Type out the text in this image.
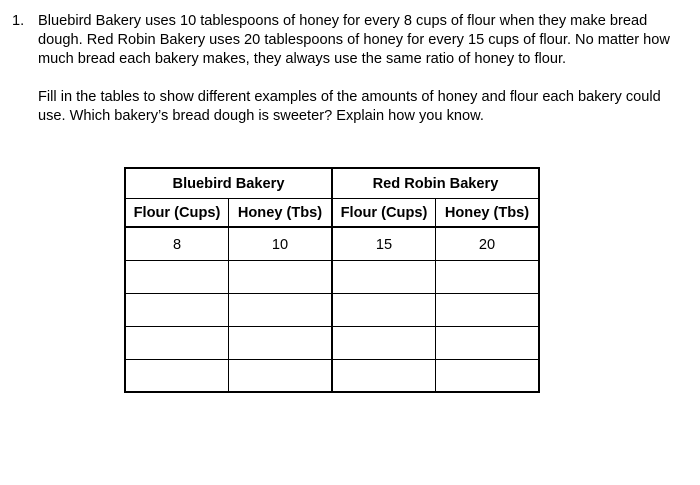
1. Bluebird Bakery uses 10 tablespoons of honey for every 8 cups of flour when they make bread dough. Red Robin Bakery uses 20 tablespoons of honey for every 15 cups of flour. No matter how much bread each bakery makes, they always use the same ratio of honey to flour.

Fill in the tables to show different examples of the amounts of honey and flour each bakery could use. Which bakery’s bread dough is sweeter? Explain how you know.

Bluebird Bakery		Red Robin Bakery	
Flour (Cups)	Honey (Tbs)	Flour (Cups)	Honey (Tbs)
8	10	15	20
